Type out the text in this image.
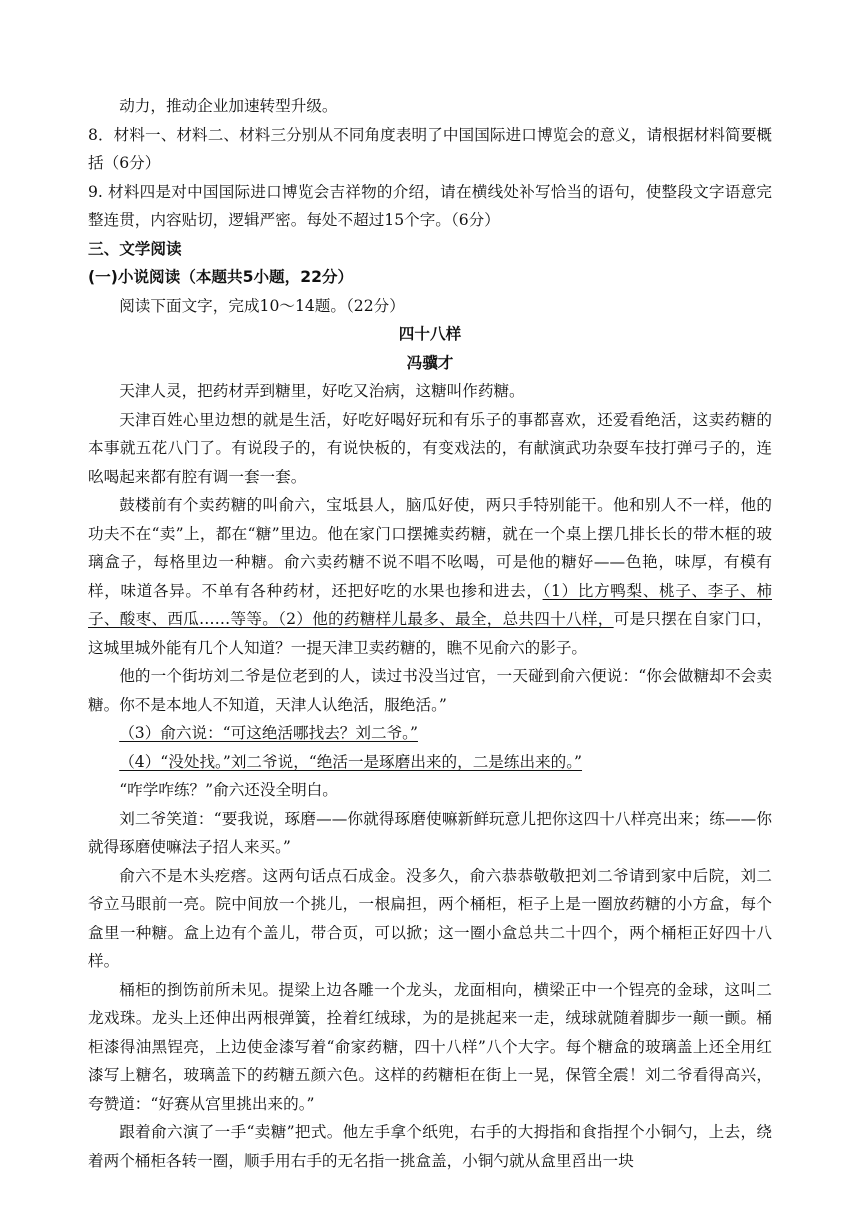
动力，推动企业加速转型升级。

8．材料一、材料二、材料三分别从不同角度表明了中国国际进口博览会的意义，请根据材料简要概括（6分）

9. 材料四是对中国国际进口博览会吉祥物的介绍，请在横线处补写恰当的语句，使整段文字语意完整连贯，内容贴切，逻辑严密。每处不超过15个字。（6分）

三、文学阅读

(一)小说阅读（本题共5小题，22分）

阅读下面文字，完成10～14题。（22分）

四十八样

冯骥才

天津人灵，把药材弄到糖里，好吃又治病，这糖叫作药糖。

天津百姓心里边想的就是生活，好吃好喝好玩和有乐子的事都喜欢，还爱看绝活，这卖药糖的本事就五花八门了。有说段子的，有说快板的，有变戏法的，有献演武功杂耍车技打弹弓子的，连吆喝起来都有腔有调一套一套。

鼓楼前有个卖药糖的叫俞六，宝坻县人，脑瓜好使，两只手特别能干。他和别人不一样，他的功夫不在“卖”上，都在“糖”里边。他在家门口摆摊卖药糖，就在一个桌上摆几排长长的带木框的玻璃盒子，每格里边一种糖。俞六卖药糖不说不唱不吆喝，可是他的糖好——色艳，味厚，有模有样，味道各异。不单有各种药材，还把好吃的水果也掺和进去，（1）比方鸭梨、桃子、李子、柿子、酸枣、西瓜……等等。（2）他的药糖样儿最多、最全，总共四十八样，可是只摆在自家门口，这城里城外能有几个人知道？一提天津卫卖药糖的，瞧不见俞六的影子。

他的一个街坊刘二爷是位老到的人，读过书没当过官，一天碰到俞六便说：“你会做糖却不会卖糖。你不是本地人不知道，天津人认绝活，服绝活。”

（3）俞六说：“可这绝活哪找去？刘二爷。”

（4）“没处找。”刘二爷说，“绝活一是琢磨出来的，二是练出来的。”

“咋学咋练？”俞六还没全明白。

刘二爷笑道：“要我说，琢磨——你就得琢磨使嘛新鲜玩意儿把你这四十八样亮出来；练——你就得琢磨使嘛法子招人来买。”

俞六不是木头疙瘩。这两句话点石成金。没多久，俞六恭恭敬敬把刘二爷请到家中后院，刘二爷立马眼前一亮。院中间放一个挑儿，一根扁担，两个桶柜，柜子上是一圈放药糖的小方盒，每个盒里一种糖。盒上边有个盖儿，带合页，可以掀；这一圈小盒总共二十四个，两个桶柜正好四十八样。

桶柜的捯饬前所未见。提梁上边各雕一个龙头，龙面相向，横梁正中一个锃亮的金球，这叫二龙戏珠。龙头上还伸出两根弹簧，拴着红绒球，为的是挑起来一走，绒球就随着脚步一颠一颤。桶柜漆得油黑锃亮，上边使金漆写着“俞家药糖，四十八样”八个大字。每个糖盒的玻璃盖上还全用红漆写上糖名，玻璃盖下的药糖五颜六色。这样的药糖柜在街上一晃，保管全震！刘二爷看得高兴，夸赞道：“好赛从宫里挑出来的。”

跟着俞六演了一手“卖糖”把式。他左手拿个纸兜，右手的大拇指和食指捏个小铜勺，上去，绕着两个桶柜各转一圈，顺手用右手的无名指一挑盒盖，小铜勺就从盒里舀出一块
